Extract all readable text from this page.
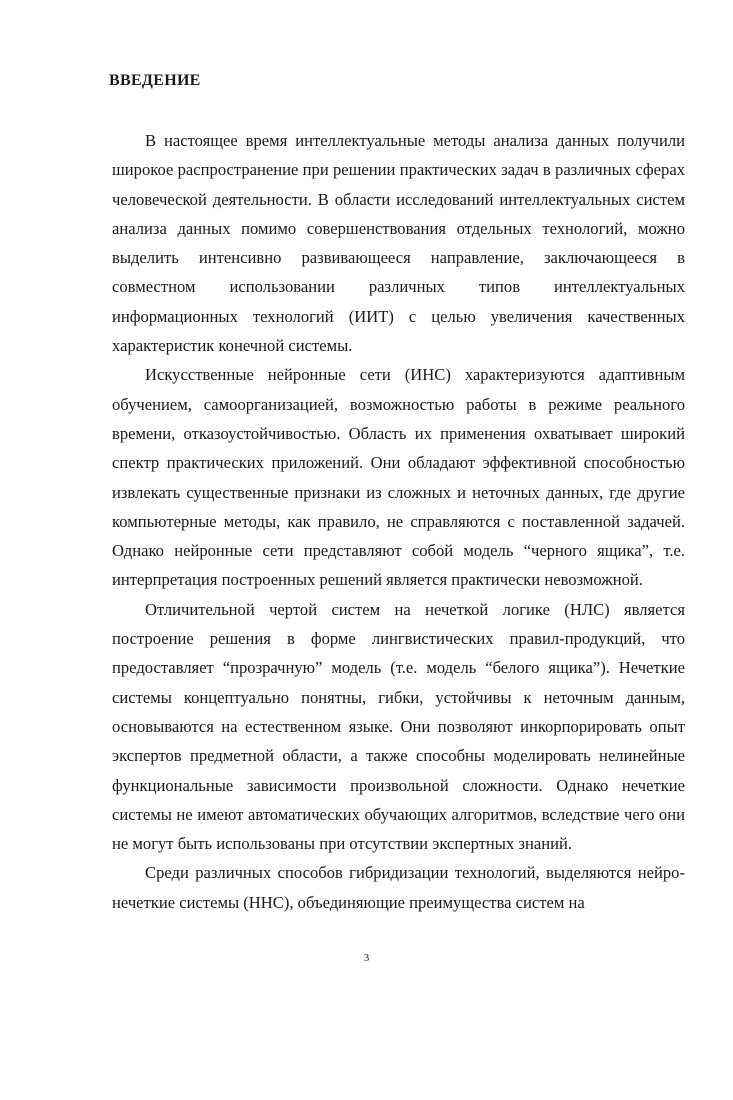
ВВЕДЕНИЕ

В настоящее время интеллектуальные методы анализа данных получили широкое распространение при решении практических задач в различных сферах человеческой деятельности. В области исследований интеллектуальных систем анализа данных помимо совершенствования отдельных технологий, можно выделить интенсивно развивающееся направление, заключающееся в совместном использовании различных типов интеллектуальных информационных технологий (ИИТ) с целью увеличения качественных характеристик конечной системы.

Искусственные нейронные сети (ИНС) характеризуются адаптивным обучением, самоорганизацией, возможностью работы в режиме реального времени, отказоустойчивостью. Область их применения охватывает широкий спектр практических приложений. Они обладают эффективной способностью извлекать существенные признаки из сложных и неточных данных, где другие компьютерные методы, как правило, не справляются с поставленной задачей. Однако нейронные сети представляют собой модель “черного ящика”, т.е. интерпретация построенных решений является практически невозможной.

Отличительной чертой систем на нечеткой логике (НЛС) является построение решения в форме лингвистических правил-продукций, что предоставляет “прозрачную” модель (т.е. модель “белого ящика”). Нечеткие системы концептуально понятны, гибки, устойчивы к неточным данным, основываются на естественном языке. Они позволяют инкорпорировать опыт экспертов предметной области, а также способны моделировать нелинейные функциональные зависимости произвольной сложности. Однако нечеткие системы не имеют автоматических обучающих алгоритмов, вследствие чего они не могут быть использованы при отсутствии экспертных знаний.

Среди различных способов гибридизации технологий, выделяются нейро-нечеткие системы (ННС), объединяющие преимущества систем на

3
